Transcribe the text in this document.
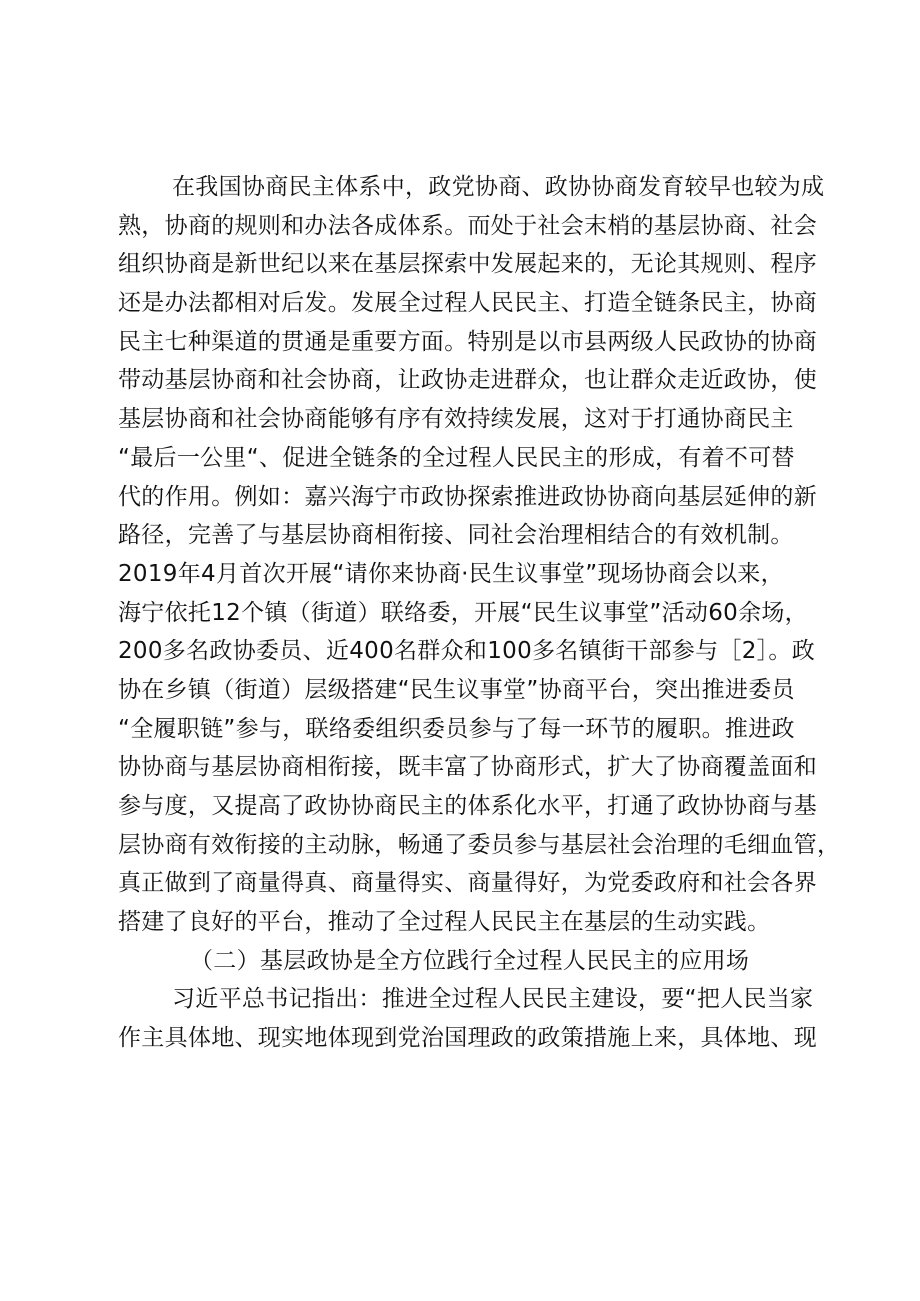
在我国协商民主体系中，政党协商、政协协商发育较早也较为成
熟，协商的规则和办法各成体系。而处于社会末梢的基层协商、社会
组织协商是新世纪以来在基层探索中发展起来的，无论其规则、程序
还是办法都相对后发。发展全过程人民民主、打造全链条民主，协商
民主七种渠道的贯通是重要方面。特别是以市县两级人民政协的协商
带动基层协商和社会协商，让政协走进群众，也让群众走近政协，使
基层协商和社会协商能够有序有效持续发展，这对于打通协商民主
“最后一公里“、促进全链条的全过程人民民主的形成，有着不可替
代的作用。例如：嘉兴海宁市政协探索推进政协协商向基层延伸的新
路径，完善了与基层协商相衔接、同社会治理相结合的有效机制。
2019年4月首次开展“请你来协商·民生议事堂”现场协商会以来，
海宁依托12个镇（街道）联络委，开展“民生议事堂”活动60余场，
200多名政协委员、近400名群众和100多名镇街干部参与［2］。政
协在乡镇（街道）层级搭建“民生议事堂”协商平台，突出推进委员
“全履职链”参与，联络委组织委员参与了每一环节的履职。推进政
协协商与基层协商相衔接，既丰富了协商形式，扩大了协商覆盖面和
参与度，又提高了政协协商民主的体系化水平，打通了政协协商与基
层协商有效衔接的主动脉，畅通了委员参与基层社会治理的毛细血管，
真正做到了商量得真、商量得实、商量得好，为党委政府和社会各界
搭建了良好的平台，推动了全过程人民民主在基层的生动实践。
（二）基层政协是全方位践行全过程人民民主的应用场
习近平总书记指出：推进全过程人民民主建设，要“把人民当家
作主具体地、现实地体现到党治国理政的政策措施上来，具体地、现
